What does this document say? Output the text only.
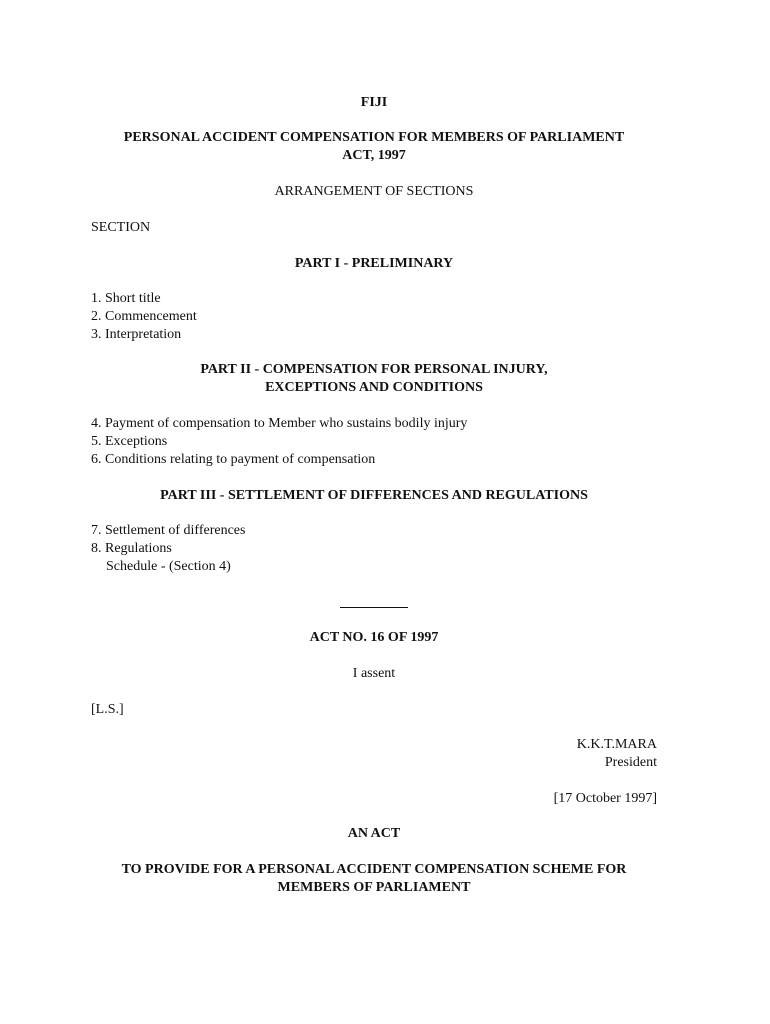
FIJI
PERSONAL ACCIDENT COMPENSATION FOR MEMBERS OF PARLIAMENT
ACT, 1997
ARRANGEMENT OF SECTIONS
SECTION
PART I - PRELIMINARY
1. Short title
2. Commencement
3. Interpretation
PART II - COMPENSATION FOR PERSONAL INJURY,
EXCEPTIONS AND CONDITIONS
4. Payment of compensation to Member who sustains bodily injury
5. Exceptions
6. Conditions relating to payment of compensation
PART III - SETTLEMENT OF DIFFERENCES AND REGULATIONS
7. Settlement of differences
8. Regulations
Schedule - (Section 4)
ACT NO. 16 OF 1997
I assent
[L.S.]
K.K.T.MARA
President
[17 October 1997]
AN ACT
TO PROVIDE FOR A PERSONAL ACCIDENT COMPENSATION SCHEME FOR
MEMBERS OF PARLIAMENT
